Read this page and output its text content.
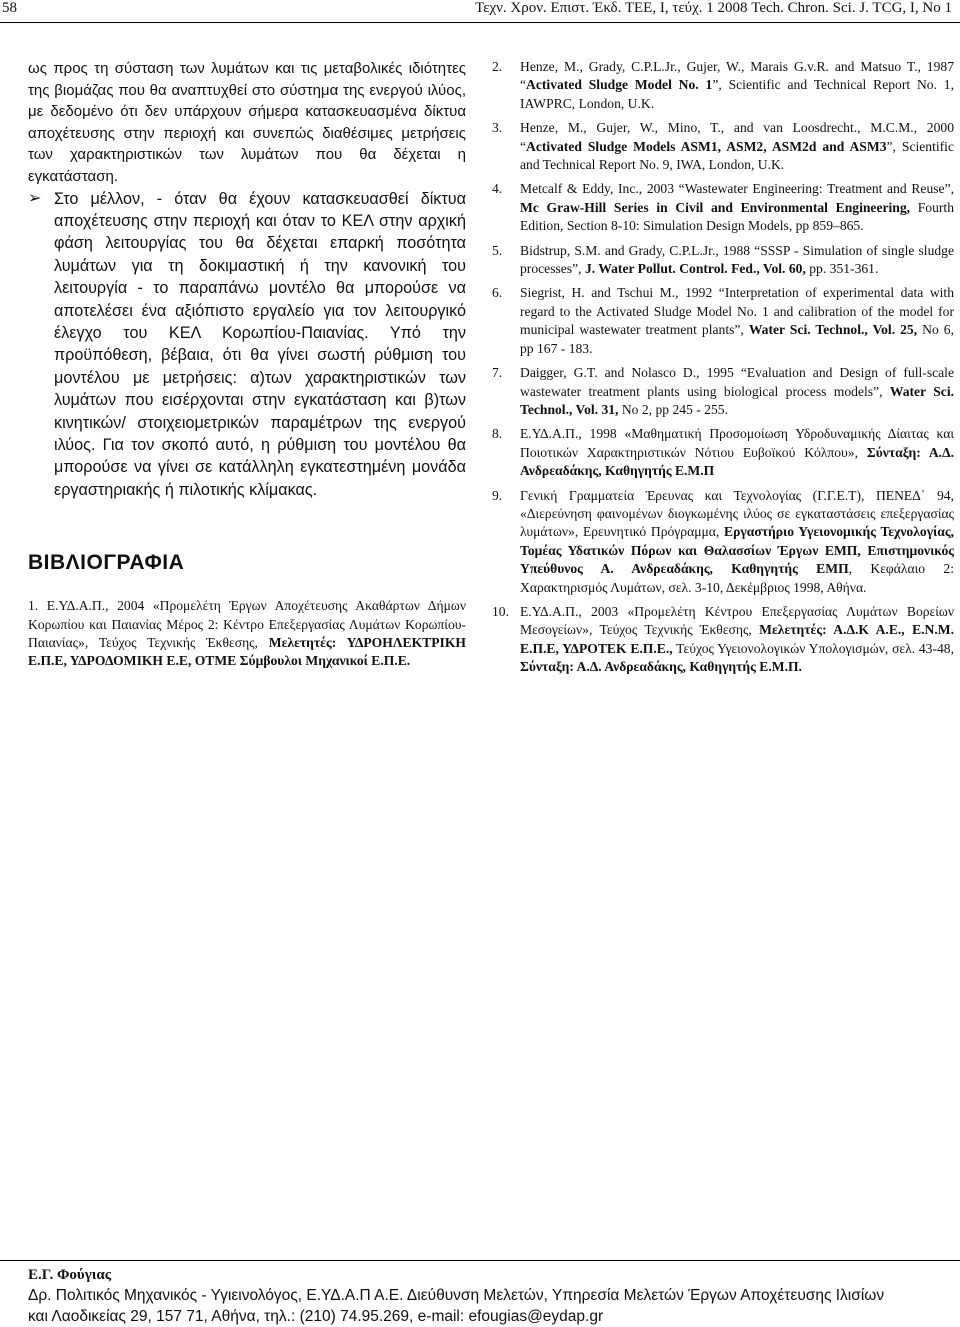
58	Τεχν. Χρον. Επιστ. Έκδ. ΤΕΕ, Ι, τεύχ. 1 2008 Tech. Chron. Sci. J. TCG, I, No 1

ως προς τη σύσταση των λυμάτων και τις μεταβολικές ιδιότητες της βιομάζας που θα αναπτυχθεί στο σύστημα της ενεργού ιλύος, με δεδομένο ότι δεν υπάρχουν σήμερα κατασκευασμένα δίκτυα αποχέτευσης στην περιοχή και συνεπώς διαθέσιμες μετρήσεις των χαρακτηριστικών των λυμάτων που θα δέχεται η εγκατάσταση.

➢ Στο μέλλον, - όταν θα έχουν κατασκευασθεί δίκτυα αποχέτευσης στην περιοχή και όταν το ΚΕΛ στην αρχική φάση λειτουργίας του θα δέχεται επαρκή ποσότητα λυμάτων για τη δοκιμαστική ή την κανονική του λειτουργία - το παραπάνω μοντέλο θα μπορούσε να αποτελέσει ένα αξιόπιστο εργαλείο για τον λειτουργικό έλεγχο του ΚΕΛ Κορωπίου-Παιανίας. Υπό την προϋπόθεση, βέβαια, ότι θα γίνει σωστή ρύθμιση του μοντέλου με μετρήσεις: α)των χαρακτηριστικών των λυμάτων που εισέρχονται στην εγκατάσταση και β)των κινητικών/ στοιχειομετρικών παραμέτρων της ενεργού ιλύος. Για τον σκοπό αυτό, η ρύθμιση του μοντέλου θα μπορούσε να γίνει σε κατάλληλη εγκατεστημένη μονάδα εργαστηριακής ή πιλοτικής κλίμακας.

ΒΙΒΛΙΟΓΡΑΦΙΑ

1. Ε.ΥΔ.Α.Π., 2004 «Προμελέτη Έργων Αποχέτευσης Ακαθάρτων Δήμων Κορωπίου και Παιανίας Μέρος 2: Κέντρο Επεξεργασίας Λυμάτων Κορωπίου-Παιανίας», Τεύχος Τεχνικής Έκθεσης, Μελετητές: ΥΔΡΟΗΛΕΚΤΡΙΚΗ Ε.Π.Ε, ΥΔΡΟΔΟΜΙΚΗ Ε.Ε, ΟΤΜΕ Σύμβουλοι Μηχανικοί Ε.Π.Ε.

2. Henze, M., Grady, C.P.L.Jr., Gujer, W., Marais G.v.R. and Matsuo T., 1987 “Activated Sludge Model No. 1”, Scientific and Technical Report No. 1, IAWPRC, London, U.K.

3. Henze, M., Gujer, W., Mino, T., and van Loosdrecht., M.C.M., 2000 “Activated Sludge Models ASM1, ASM2, ASM2d and ASM3”, Scientific and Technical Report No. 9, IWA, London, U.K.

4. Metcalf & Eddy, Inc., 2003 “Wastewater Engineering: Treatment and Reuse”, Mc Graw-Hill Series in Civil and Environmental Engineering, Fourth Edition, Section 8-10: Simulation Design Models, pp 859–865.

5. Bidstrup, S.M. and Grady, C.P.L.Jr., 1988 “SSSP - Simulation of single sludge processes”, J. Water Pollut. Control. Fed., Vol. 60, pp. 351-361.

6. Siegrist, H. and Tschui M., 1992 “Interpretation of experimental data with regard to the Activated Sludge Model No. 1 and calibration of the model for municipal wastewater treatment plants”, Water Sci. Technol., Vol. 25, No 6, pp 167 - 183.

7. Daigger, G.T. and Nolasco D., 1995 “Evaluation and Design of full-scale wastewater treatment plants using biological process models”, Water Sci. Technol., Vol. 31, No 2, pp 245 - 255.

8. Ε.ΥΔ.Α.Π., 1998 «Μαθηματική Προσομοίωση Υδροδυναμικής Δίαιτας και Ποιοτικών Χαρακτηριστικών Νότιου Ευβοϊκού Κόλπου», Σύνταξη: Α.Δ. Ανδρεαδάκης, Καθηγητής Ε.Μ.Π

9. Γενική Γραμματεία Έρευνας και Τεχνολογίας (Γ.Γ.Ε.Τ), ΠΕΝΕΔ΄ 94, «Διερεύνηση φαινομένων διογκωμένης ιλύος σε εγκαταστάσεις επεξεργασίας λυμάτων», Ερευνητικό Πρόγραμμα, Εργαστήριο Υγειονομικής Τεχνολογίας, Τομέας Υδατικών Πόρων και Θαλασσίων Έργων ΕΜΠ, Επιστημονικός Υπεύθυνος Α. Ανδρεαδάκης, Καθηγητής ΕΜΠ, Κεφάλαιο 2: Χαρακτηρισμός Λυμάτων, σελ. 3-10, Δεκέμβριος 1998, Αθήνα.

10. Ε.ΥΔ.Α.Π., 2003 «Προμελέτη Κέντρου Επεξεργασίας Λυμάτων Βορείων Μεσογείων», Τεύχος Τεχνικής Έκθεσης, Μελετητές: Α.Δ.Κ Α.Ε., Ε.Ν.Μ. Ε.Π.Ε, ΥΔΡΟΤΕΚ Ε.Π.Ε., Τεύχος Υγειονολογικών Υπολογισμών, σελ. 43-48, Σύνταξη: Α.Δ. Ανδρεαδάκης, Καθηγητής Ε.Μ.Π.

Ε.Γ. Φούγιας
Δρ. Πολιτικός Μηχανικός - Υγιεινολόγος, Ε.ΥΔ.Α.Π Α.Ε. Διεύθυνση Μελετών, Υπηρεσία Μελετών Έργων Αποχέτευσης Ιλισίων
και Λαοδικείας 29, 157 71, Αθήνα, τηλ.: (210) 74.95.269, e-mail: efougias@eydap.gr
